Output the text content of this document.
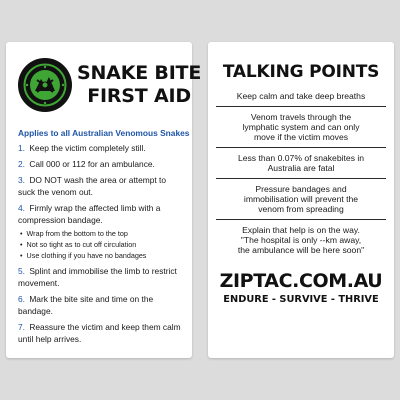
SNAKE BITE
FIRST AID
Applies to all Australian Venomous Snakes
1. Keep the victim completely still.
2. Call 000 or 112 for an ambulance.
3. DO NOT wash the area or attempt to suck the venom out.
4. Firmly wrap the affected limb with a compression bandage.
• Wrap from the bottom to the top
• Not so tight as to cut off circulation
• Use clothing if you have no bandages
5. Splint and immobilise the limb to restrict movement.
6. Mark the bite site and time on the bandage.
7. Reassure the victim and keep them calm until help arrives.
TALKING POINTS
Keep calm and take deep breaths
Venom travels through the
lymphatic system and can only
move if the victim moves
Less than 0.07% of snakebites in
Australia are fatal
Pressure bandages and
immobilisation will prevent the
venom from spreading
Explain that help is on the way.
"The hospital is only --km away,
the ambulance will be here soon"
ZIPTAC.COM.AU
ENDURE - SURVIVE - THRIVE
